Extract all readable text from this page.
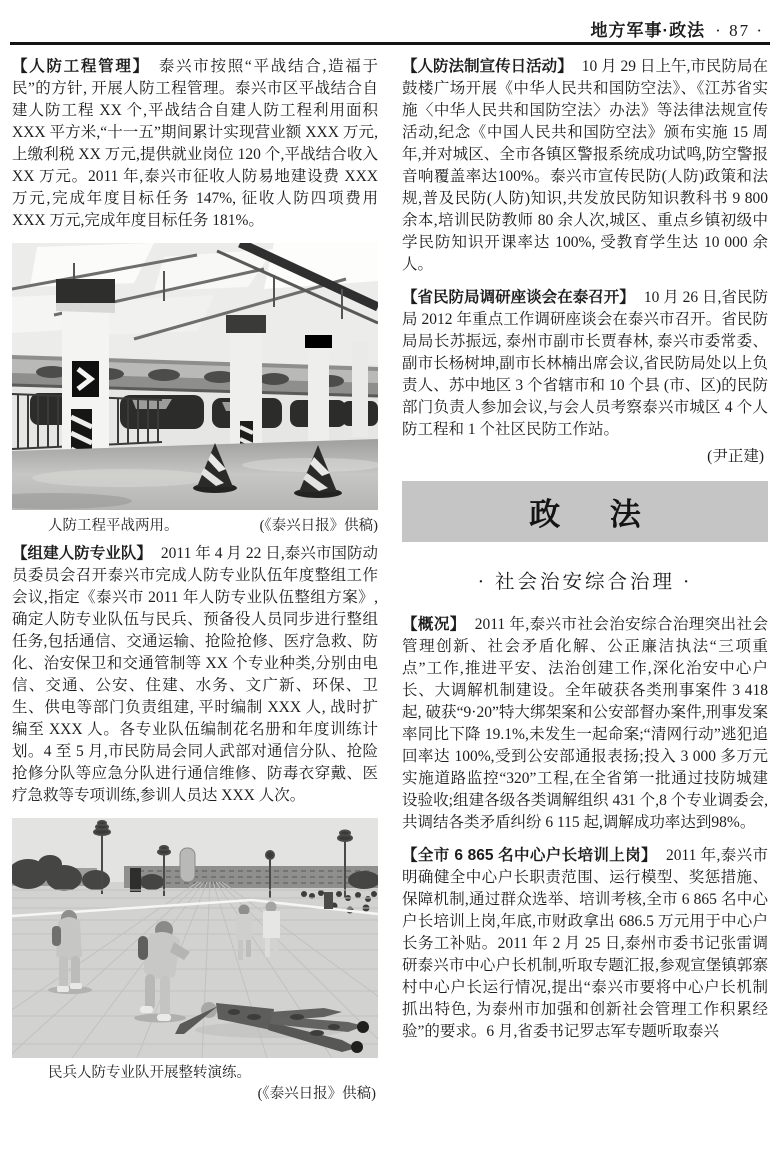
地方军事·政法 · 87 ·

【人防工程管理】 泰兴市按照“平战结合,造福于民”的方针, 开展人防工程管理。泰兴市区平战结合自建人防工程 XX 个,平战结合自建人防工程利用面积 XXX 平方米,“十一五”期间累计实现营业额 XXX 万元,上缴利税 XX 万元,提供就业岗位 120 个,平战结合收入 XX 万元。2011 年,泰兴市征收人防易地建设费 XXX 万元,完成年度目标任务 147%, 征收人防四项费用 XXX 万元,完成年度目标任务 181%。

人防工程平战两用。	(《泰兴日报》供稿)

【组建人防专业队】 2011 年 4 月 22 日,泰兴市国防动员委员会召开泰兴市完成人防专业队伍年度整组工作会议,指定《泰兴市 2011 年人防专业队伍整组方案》,确定人防专业队伍与民兵、预备役人员同步进行整组任务,包括通信、交通运输、抢险抢修、医疗急救、防化、治安保卫和交通管制等 XX 个专业种类,分别由电信、交通、公安、住建、水务、文广新、环保、卫生、供电等部门负责组建, 平时编制 XXX 人, 战时扩编至 XXX 人。各专业队伍编制花名册和年度训练计划。4 至 5 月,市民防局会同人武部对通信分队、抢险抢修分队等应急分队进行通信维修、防毒衣穿戴、医疗急救等专项训练,参训人员达 XXX 人次。

民兵人防专业队开展整转演练。
(《泰兴日报》供稿)

【人防法制宣传日活动】 10 月 29 日上午,市民防局在鼓楼广场开展《中华人民共和国防空法》、《江苏省实施〈中华人民共和国防空法〉办法》等法律法规宣传活动,纪念《中国人民共和国防空法》颁布实施 15 周年,并对城区、全市各镇区警报系统成功试鸣,防空警报音响覆盖率达100%。泰兴市宣传民防(人防)政策和法规,普及民防(人防)知识,共发放民防知识教科书 9 800 余本,培训民防教师 80 余人次,城区、重点乡镇初级中学民防知识开课率达 100%, 受教育学生达 10 000 余人。

【省民防局调研座谈会在泰召开】 10 月 26 日,省民防局 2012 年重点工作调研座谈会在泰兴市召开。省民防局局长苏振远, 泰州市副市长贾春林, 泰兴市委常委、副市长杨树坤,副市长林楠出席会议,省民防局处以上负责人、苏中地区 3 个省辖市和 10 个县 (市、区)的民防部门负责人参加会议,与会人员考察泰兴市城区 4 个人防工程和 1 个社区民防工作站。

(尹正建)

政法
· 社会治安综合治理 ·

【概况】 2011 年,泰兴市社会治安综合治理突出社会管理创新、社会矛盾化解、公正廉洁执法“三项重点”工作,推进平安、法治创建工作,深化治安中心户长、大调解机制建设。全年破获各类刑事案件 3 418 起, 破获“9·20”特大绑架案和公安部督办案件,刑事发案率同比下降 19.1%,未发生一起命案;“清网行动”逃犯追回率达 100%,受到公安部通报表扬;投入 3 000 多万元实施道路监控“320”工程,在全省第一批通过技防城建设验收;组建各级各类调解组织 431 个,8 个专业调委会,共调结各类矛盾纠纷 6 115 起,调解成功率达到98%。

【全市 6 865 名中心户长培训上岗】 2011 年,泰兴市明确健全中心户长职责范围、运行模型、奖惩措施、保障机制,通过群众选举、培训考核,全市 6 865 名中心户长培训上岗,年底,市财政拿出 686.5 万元用于中心户长务工补贴。2011 年 2 月 25 日,泰州市委书记张雷调研泰兴市中心户长机制,听取专题汇报,参观宣堡镇郭寨村中心户长运行情况,提出“泰兴市要将中心户长机制抓出特色, 为泰州市加强和创新社会管理工作积累经验”的要求。6 月,省委书记罗志军专题听取泰兴
